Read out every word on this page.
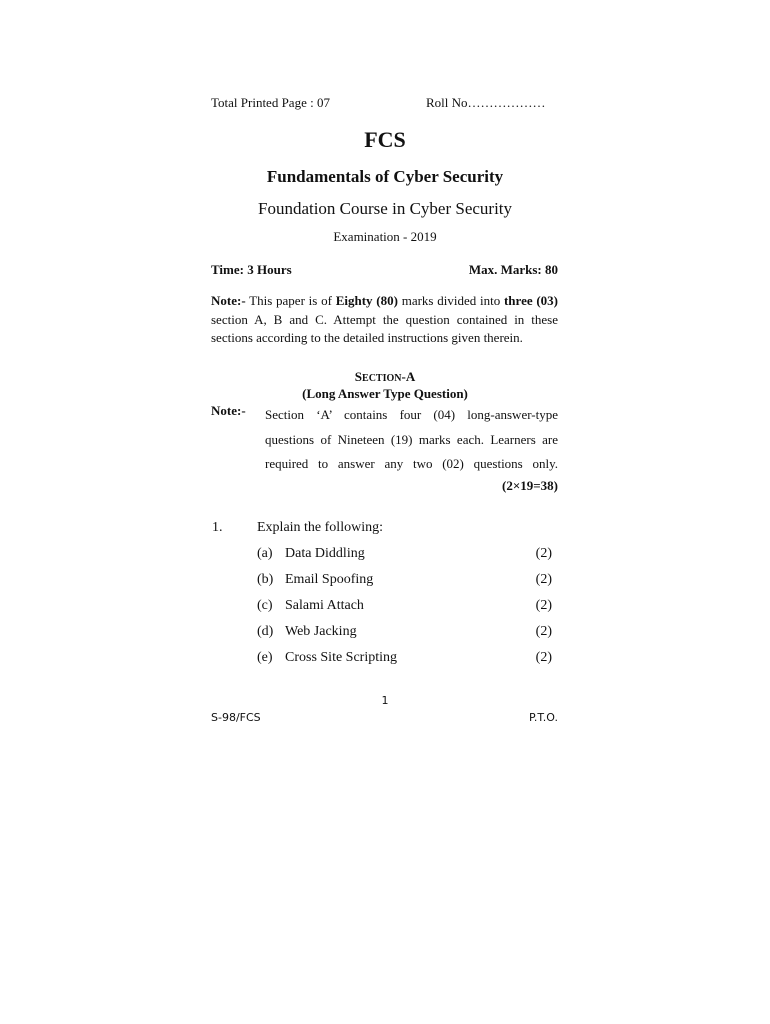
Total Printed Page : 07	Roll No………………
FCS
Fundamentals of Cyber Security
Foundation Course in Cyber Security
Examination - 2019
Time: 3 Hours	Max. Marks: 80
Note:- This paper is of Eighty (80) marks divided into three (03) section A, B and C. Attempt the question contained in these sections according to the detailed instructions given therein.
SECTION-A
(Long Answer Type Question)
Note:- Section ‘A’ contains four (04) long-answer-type questions of Nineteen (19) marks each. Learners are required to answer any two (02) questions only.
(2×19=38)
1. Explain the following:
(a) Data Diddling	(2)
(b) Email Spoofing	(2)
(c) Salami Attach	(2)
(d) Web Jacking	(2)
(e) Cross Site Scripting	(2)
1
S-98/FCS	P.T.O.
